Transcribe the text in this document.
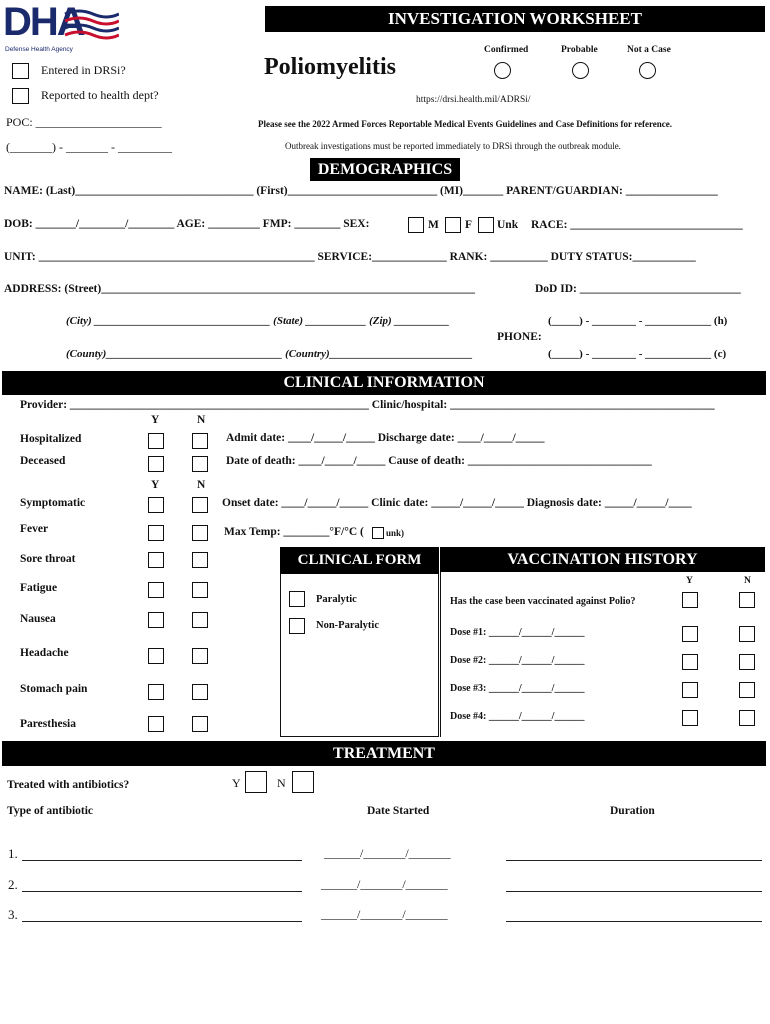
DHA
Defense Health Agency
INVESTIGATION WORKSHEET
Confirmed	Probable	Not a Case
Poliomyelitis
Entered in DRSi?
Reported to health dept?	https://drsi.health.mil/ADRSi/
POC: _____________________	Please see the 2022 Armed Forces Reportable Medical Events Guidelines and Case Definitions for reference.
(_______) - _______ - _________	Outbreak investigations must be reported immediately to DRSi through the outbreak module.
DEMOGRAPHICS
NAME: (Last)_______________________________ (First)__________________________ (MI)_______ PARENT/GUARDIAN: ________________
DOB: _______/________/________ AGE: _________ FMP: ________ SEX:	M F Unk RACE: ______________________________
UNIT: ________________________________________________ SERVICE:_____________ RANK: __________ DUTY STATUS:___________
ADDRESS: (Street)_________________________________________________________________	DoD ID: ____________________________
(City) ________________________________ (State) ___________ (Zip) __________	(_____) - ________ - ____________ (h)
PHONE:
(County)________________________________ (Country)__________________________	(_____) - ________ - ____________ (c)
CLINICAL INFORMATION
Provider: ____________________________________________________ Clinic/hospital: ______________________________________________
Y	N
Hospitalized	Admit date: ____/_____/_____ Discharge date: ____/_____/_____
Deceased	Date of death: ____/_____/_____ Cause of death: ________________________________
Y	N
Symptomatic	Onset date: ____/_____/_____ Clinic date: _____/_____/_____ Diagnosis date: _____/_____/____
Fever	Max Temp: ________°F/°C ( unk)
Sore throat
Fatigue
Nausea
Headache
Stomach pain
Paresthesia
CLINICAL FORM
Paralytic
Non-Paralytic
VACCINATION HISTORY
Y	N
Has the case been vaccinated against Polio?
Dose #1: ______/______/______
Dose #2: ______/______/______
Dose #3: ______/______/______
Dose #4: ______/______/______
TREATMENT
Treated with antibiotics?	Y	N
Type of antibiotic	Date Started	Duration
1.	______/_______/_______
2.	______/_______/_______
3.	______/_______/_______
